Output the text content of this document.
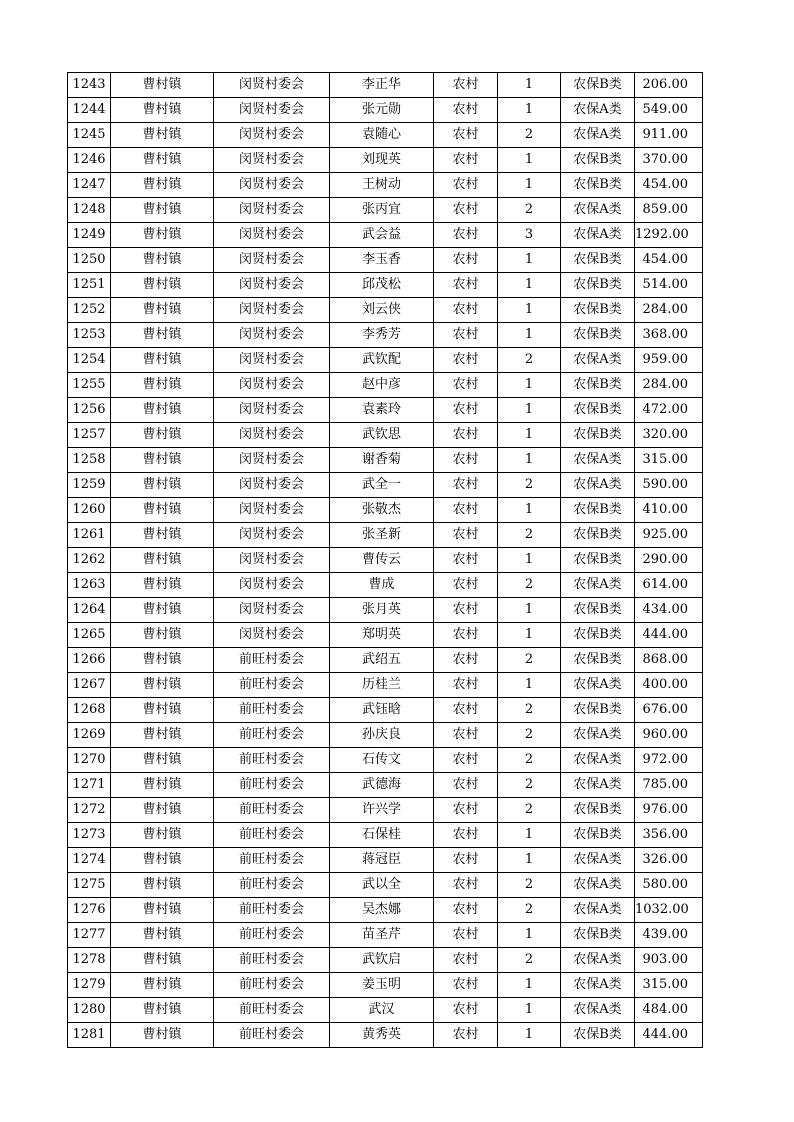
1243	曹村镇	闵贤村委会	李正华	农村	1	农保B类	206.00
1244	曹村镇	闵贤村委会	张元勋	农村	1	农保A类	549.00
1245	曹村镇	闵贤村委会	袁随心	农村	2	农保A类	911.00
1246	曹村镇	闵贤村委会	刘现英	农村	1	农保B类	370.00
1247	曹村镇	闵贤村委会	王树动	农村	1	农保B类	454.00
1248	曹村镇	闵贤村委会	张丙宜	农村	2	农保A类	859.00
1249	曹村镇	闵贤村委会	武会益	农村	3	农保A类	1292.00
1250	曹村镇	闵贤村委会	李玉香	农村	1	农保B类	454.00
1251	曹村镇	闵贤村委会	邱茂松	农村	1	农保B类	514.00
1252	曹村镇	闵贤村委会	刘云侠	农村	1	农保B类	284.00
1253	曹村镇	闵贤村委会	李秀芳	农村	1	农保B类	368.00
1254	曹村镇	闵贤村委会	武钦配	农村	2	农保A类	959.00
1255	曹村镇	闵贤村委会	赵中彦	农村	1	农保B类	284.00
1256	曹村镇	闵贤村委会	袁素玲	农村	1	农保B类	472.00
1257	曹村镇	闵贤村委会	武钦思	农村	1	农保B类	320.00
1258	曹村镇	闵贤村委会	谢香菊	农村	1	农保A类	315.00
1259	曹村镇	闵贤村委会	武全一	农村	2	农保A类	590.00
1260	曹村镇	闵贤村委会	张敬杰	农村	1	农保B类	410.00
1261	曹村镇	闵贤村委会	张圣新	农村	2	农保B类	925.00
1262	曹村镇	闵贤村委会	曹传云	农村	1	农保B类	290.00
1263	曹村镇	闵贤村委会	曹成	农村	2	农保A类	614.00
1264	曹村镇	闵贤村委会	张月英	农村	1	农保B类	434.00
1265	曹村镇	闵贤村委会	郑明英	农村	1	农保B类	444.00
1266	曹村镇	前旺村委会	武绍五	农村	2	农保B类	868.00
1267	曹村镇	前旺村委会	历桂兰	农村	1	农保A类	400.00
1268	曹村镇	前旺村委会	武钰晗	农村	2	农保B类	676.00
1269	曹村镇	前旺村委会	孙庆良	农村	2	农保A类	960.00
1270	曹村镇	前旺村委会	石传文	农村	2	农保A类	972.00
1271	曹村镇	前旺村委会	武德海	农村	2	农保A类	785.00
1272	曹村镇	前旺村委会	许兴学	农村	2	农保B类	976.00
1273	曹村镇	前旺村委会	石保桂	农村	1	农保B类	356.00
1274	曹村镇	前旺村委会	蒋冠臣	农村	1	农保A类	326.00
1275	曹村镇	前旺村委会	武以全	农村	2	农保A类	580.00
1276	曹村镇	前旺村委会	吴杰娜	农村	2	农保A类	1032.00
1277	曹村镇	前旺村委会	苗圣芹	农村	1	农保B类	439.00
1278	曹村镇	前旺村委会	武钦启	农村	2	农保A类	903.00
1279	曹村镇	前旺村委会	姜玉明	农村	1	农保A类	315.00
1280	曹村镇	前旺村委会	武汉	农村	1	农保A类	484.00
1281	曹村镇	前旺村委会	黄秀英	农村	1	农保B类	444.00
